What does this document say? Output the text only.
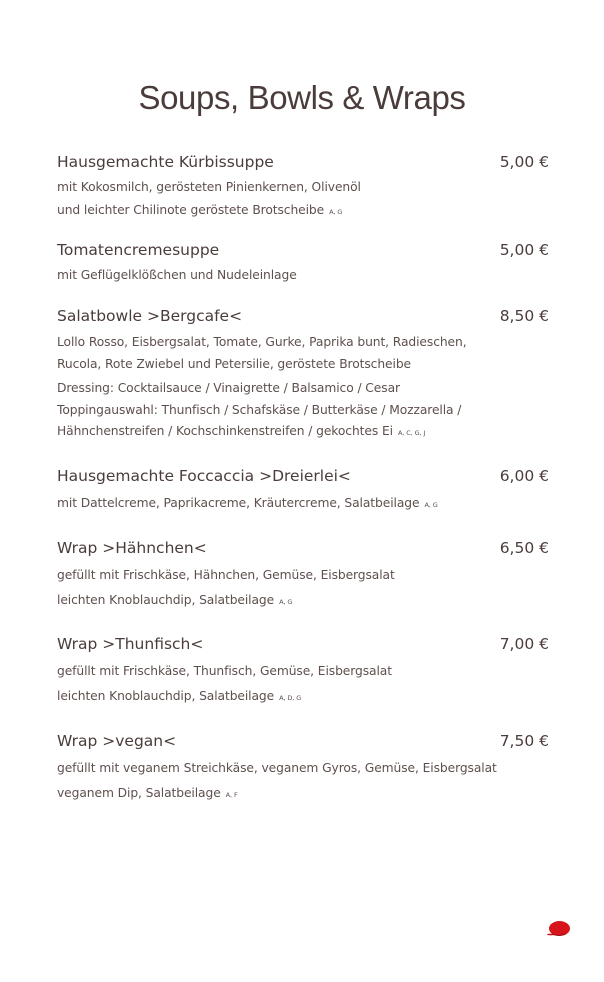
Soups, Bowls & Wraps
Hausgemachte Kürbissuppe	5,00 €
mit Kokosmilch, gerösteten Pinienkernen, Olivenöl
und leichter Chilinote geröstete Brotscheibe A, G
Tomatencremesuppe	5,00 €
mit Geflügelklößchen und Nudeleinlage
Salatbowle >Bergcafe<	8,50 €
Lollo Rosso, Eisbergsalat, Tomate, Gurke, Paprika bunt, Radieschen,
Rucola, Rote Zwiebel und Petersilie, geröstete Brotscheibe
Dressing: Cocktailsauce / Vinaigrette / Balsamico / Cesar
Toppingauswahl: Thunfisch / Schafskäse / Butterkäse / Mozzarella /
Hähnchenstreifen / Kochschinkenstreifen / gekochtes Ei A, C, G, J
Hausgemachte Foccaccia >Dreierlei<	6,00 €
mit Dattelcreme, Paprikacreme, Kräutercreme, Salatbeilage A, G
Wrap >Hähnchen<	6,50 €
gefüllt mit Frischkäse, Hähnchen, Gemüse, Eisbergsalat
leichten Knoblauchdip, Salatbeilage A, G
Wrap >Thunfisch<	7,00 €
gefüllt mit Frischkäse, Thunfisch, Gemüse, Eisbergsalat
leichten Knoblauchdip, Salatbeilage A, D, G
Wrap >vegan<	7,50 €
gefüllt mit veganem Streichkäse, veganem Gyros, Gemüse, Eisbergsalat
veganem Dip, Salatbeilage A, F
